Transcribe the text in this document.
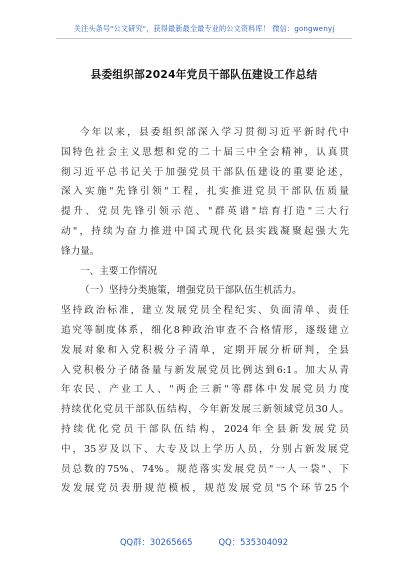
关注头条号"公文研究"，获得最新最全最专业的公文资料库！ 微信：gongwenyj
县委组织部2024年党员干部队伍建设工作总结
今年以来，县委组织部深入学习贯彻习近平新时代中
国特色社会主义思想和党的二十届三中全会精神，认真贯
彻习近平总书记关于加强党员干部队伍建设的重要论述，
深入实施"先锋引领"工程，扎实推进党员干部队伍质量
提升、党员先锋引领示范、"群英谱"培育打造"三大行
动"，持续为奋力推进中国式现代化县实践凝聚起强大先
锋力量。
一、主要工作情况
（一）坚持分类施策，增强党员干部队伍生机活力。
坚持政治标准，建立发展党员全程纪实、负面清单、责任
追究等制度体系，细化8种政治审查不合格情形，逐级建立
发展对象和入党积极分子清单，定期开展分析研判，全县
入党积极分子储备量与新发展党员比例达到6:1。加大从青
年农民、产业工人、"两企三新"等群体中发展党员力度
持续优化党员干部队伍结构，今年新发展三新领域党员30人。
持续优化党员干部队伍结构，2024年全县新发展党员
中，35岁及以下、大专及以上学历人员，分别占新发展党
员总数的75%、74%。规范落实发展党员"一人一袋"、下
发发展党员表册规范模板，规范发展党员"5个环节25个
QQ群：30265665	QQ：535304092
